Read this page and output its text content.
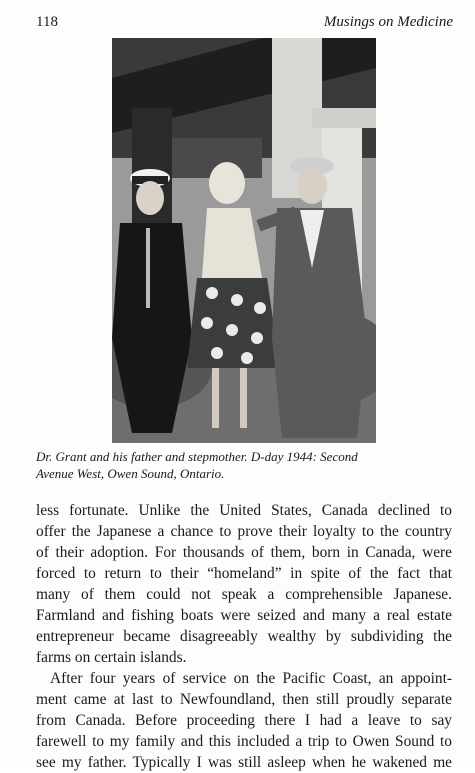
118	Musings on Medicine
Dr. Grant and his father and stepmother. D-day 1944: Second
Avenue West, Owen Sound, Ontario.
less fortunate. Unlike the United States, Canada declined to
offer the Japanese a chance to prove their loyalty to the country
of their adoption. For thousands of them, born in Canada, were
forced to return to their “homeland” in spite of the fact that
many of them could not speak a comprehensible Japanese.
Farmland and fishing boats were seized and many a real estate
entrepreneur became disagreeably wealthy by subdividing the
farms on certain islands.
After four years of service on the Pacific Coast, an appoint-
ment came at last to Newfoundland, then still proudly separate
from Canada. Before proceeding there I had a leave to say
farewell to my family and this included a trip to Owen Sound to
see my father. Typically I was still asleep when he wakened me
